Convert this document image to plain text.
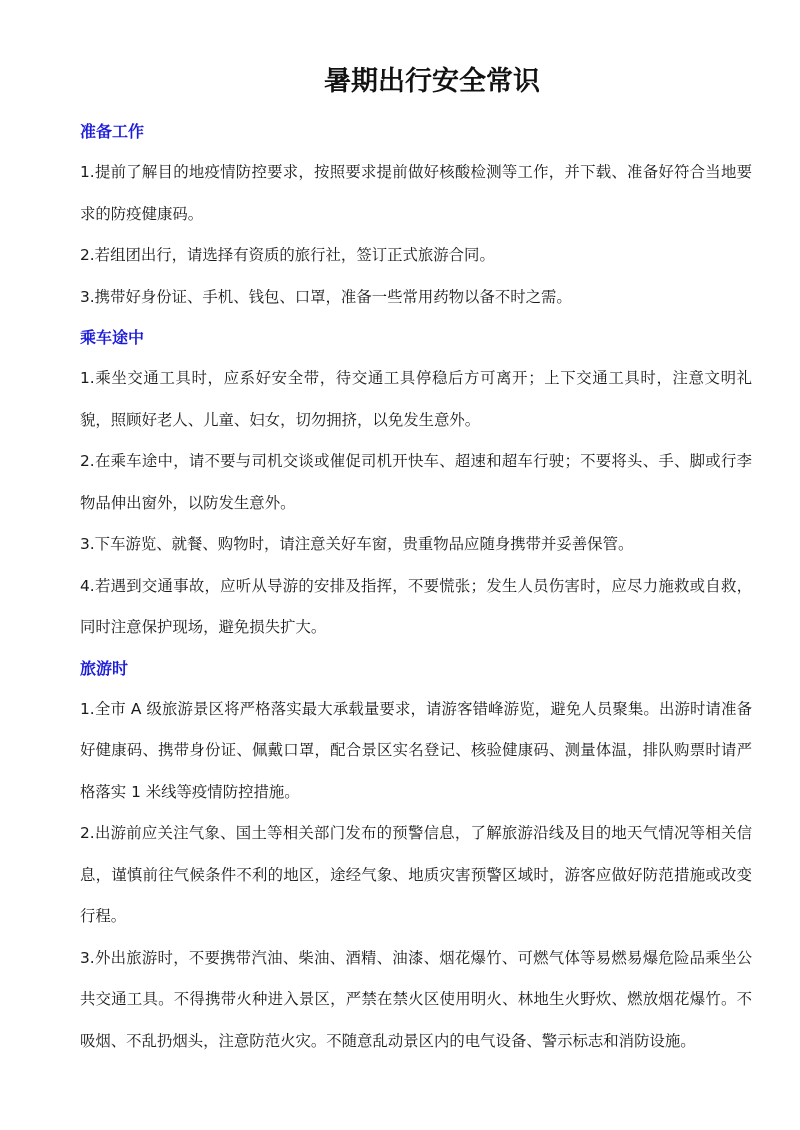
暑期出行安全常识
准备工作

1.提前了解目的地疫情防控要求，按照要求提前做好核酸检测等工作，并下载、准备好符合当地要求的防疫健康码。

2.若组团出行，请选择有资质的旅行社，签订正式旅游合同。

3.携带好身份证、手机、钱包、口罩，准备一些常用药物以备不时之需。

乘车途中

1.乘坐交通工具时，应系好安全带，待交通工具停稳后方可离开；上下交通工具时，注意文明礼貌，照顾好老人、儿童、妇女，切勿拥挤，以免发生意外。

2.在乘车途中，请不要与司机交谈或催促司机开快车、超速和超车行驶；不要将头、手、脚或行李物品伸出窗外，以防发生意外。

3.下车游览、就餐、购物时，请注意关好车窗，贵重物品应随身携带并妥善保管。

4.若遇到交通事故，应听从导游的安排及指挥，不要慌张；发生人员伤害时，应尽力施救或自救，同时注意保护现场，避免损失扩大。

旅游时

1.全市 A 级旅游景区将严格落实最大承载量要求，请游客错峰游览，避免人员聚集。出游时请准备好健康码、携带身份证、佩戴口罩，配合景区实名登记、核验健康码、测量体温，排队购票时请严格落实 1 米线等疫情防控措施。

2.出游前应关注气象、国土等相关部门发布的预警信息，了解旅游沿线及目的地天气情况等相关信息，谨慎前往气候条件不利的地区，途经气象、地质灾害预警区域时，游客应做好防范措施或改变行程。

3.外出旅游时，不要携带汽油、柴油、酒精、油漆、烟花爆竹、可燃气体等易燃易爆危险品乘坐公共交通工具。不得携带火种进入景区，严禁在禁火区使用明火、林地生火野炊、燃放烟花爆竹。不吸烟、不乱扔烟头，注意防范火灾。不随意乱动景区内的电气设备、警示标志和消防设施。
